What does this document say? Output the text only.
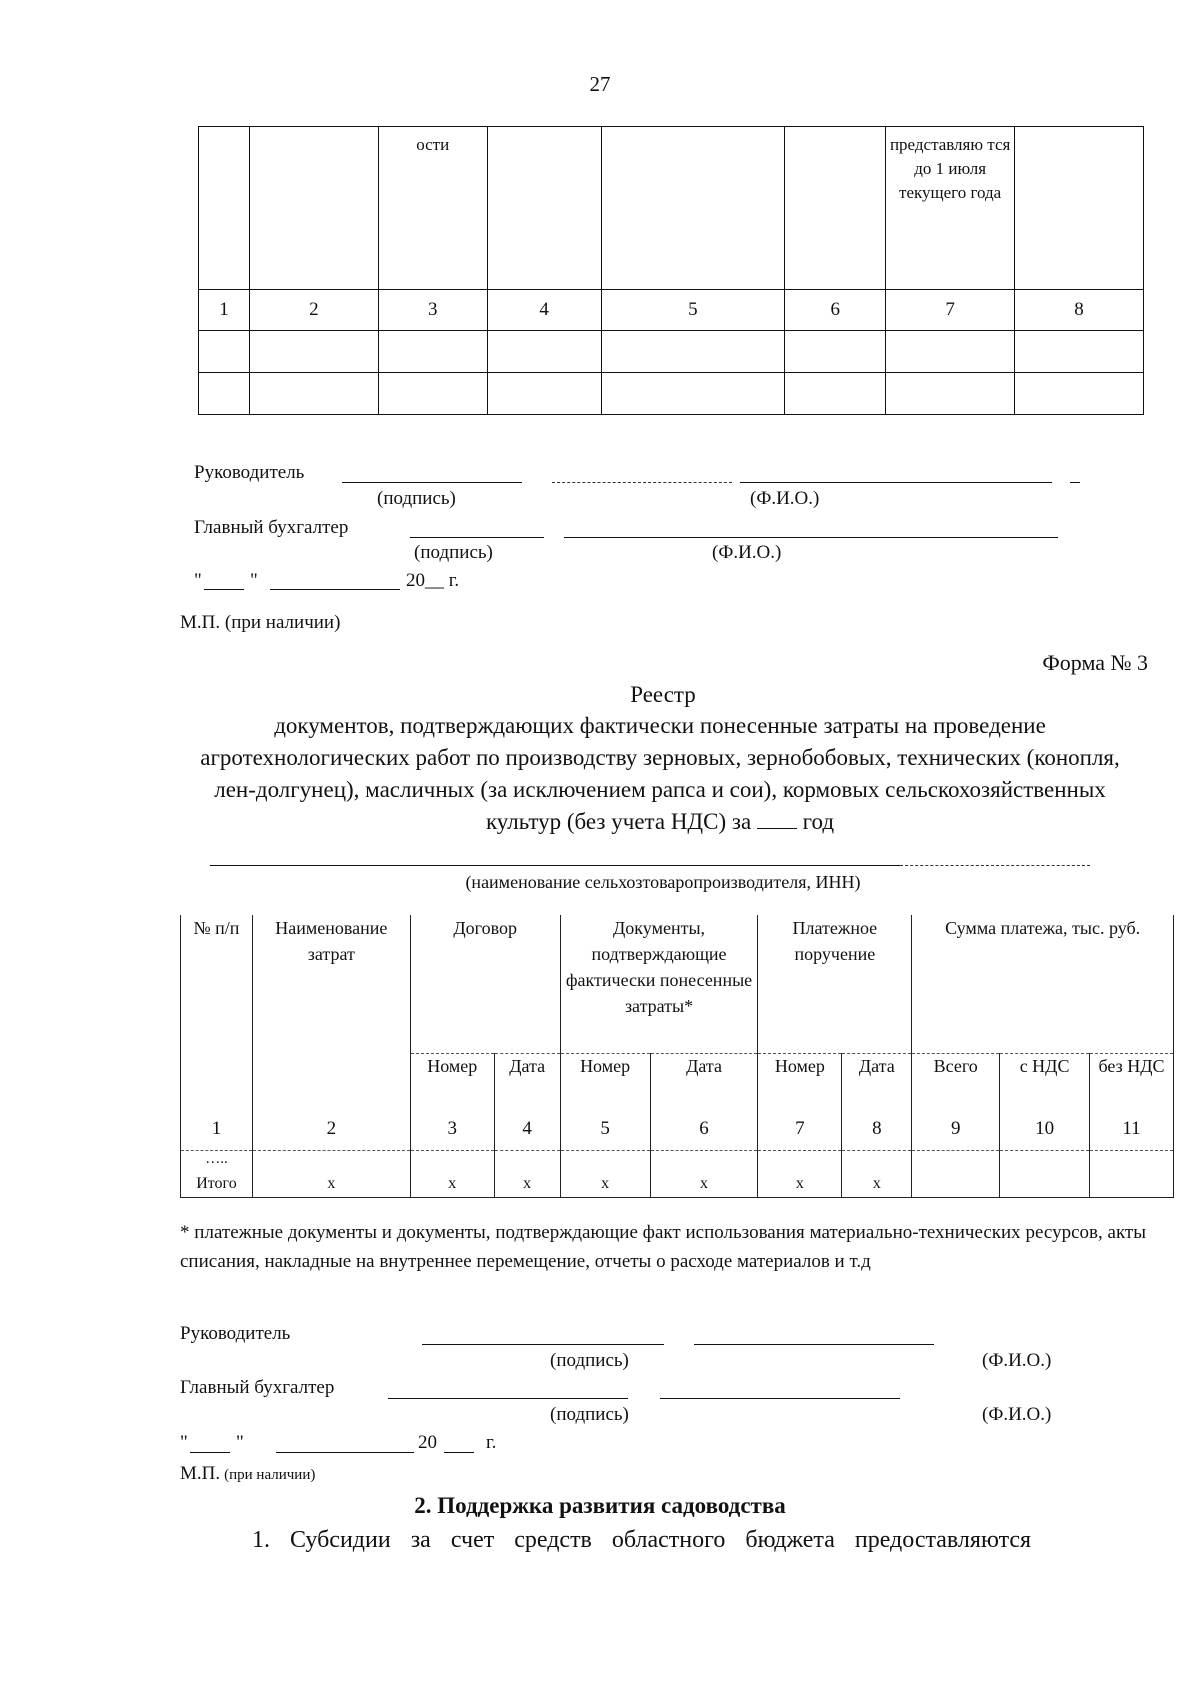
27
		ости				представляю тся до 1 июля текущего года	
1	2	3	4	5	6	7	8

Руководитель
(подпись)	(Ф.И.О.)
Главный бухгалтер
(подпись)	(Ф.И.О.)
"	"	20__ г.
М.П. (при наличии)
Форма № 3
Реестр
документов, подтверждающих фактически понесенные затраты на проведение агротехнологических работ по производству зерновых, зернобобовых, технических (конопля, лен-долгунец), масличных (за исключением рапса и сои), кормовых сельскохозяйственных культур (без учета НДС) за год
(наименование сельхозтоваропроизводителя, ИНН)
№ п/п	Наименование затрат	Договор		Документы, подтверждающие фактически понесенные затраты*		Платежное поручение		Сумма платежа, тыс. руб.		
		Номер	Дата	Номер	Дата	Номер	Дата	Всего	с НДС	без НДС
1	2	3	4	5	6	7	8	9	10	11
…..										
Итого	х	х	х	х	х	х	х			
* платежные документы и документы, подтверждающие факт использования материально-технических ресурсов, акты списания, накладные на внутреннее перемещение, отчеты о расходе материалов и т.д
Руководитель
(подпись)	(Ф.И.О.)
Главный бухгалтер
(подпись)	(Ф.И.О.)
"	"	20	г.
М.П. (при наличии)
2. Поддержка развития садоводства
1. Субсидии за счет средств областного бюджета предоставляются
